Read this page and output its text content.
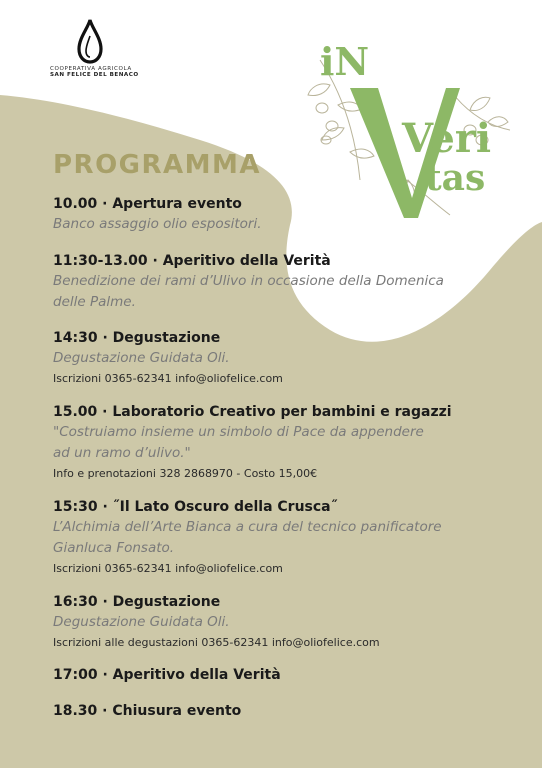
COOPERATIVA AGRICOLA
SAN FELICE DEL BENACO	iN
tas
Veri
PROGRAMMA
10.00 · Apertura evento
Banco assaggio olio espositori.
11:30-13.00 · Aperitivo della Verità
Benedizione dei rami d’Ulivo in occasione della Domenica
delle Palme.
14:30 · Degustazione
Degustazione Guidata Oli.
Iscrizioni 0365-62341 info@oliofelice.com
15.00 · Laboratorio Creativo per bambini e ragazzi
"Costruiamo insieme un simbolo di Pace da appendere
ad un ramo d’ulivo."
Info e prenotazioni 328 2868970 - Costo 15,00€
15:30 · ˝Il Lato Oscuro della Crusca˝
L’Alchimia dell’Arte Bianca a cura del tecnico panificatore
Gianluca Fonsato.
Iscrizioni 0365-62341 info@oliofelice.com
16:30 · Degustazione
Degustazione Guidata Oli.
Iscrizioni alle degustazioni 0365-62341 info@oliofelice.com
17:00 · Aperitivo della Verità
18.30 · Chiusura evento
